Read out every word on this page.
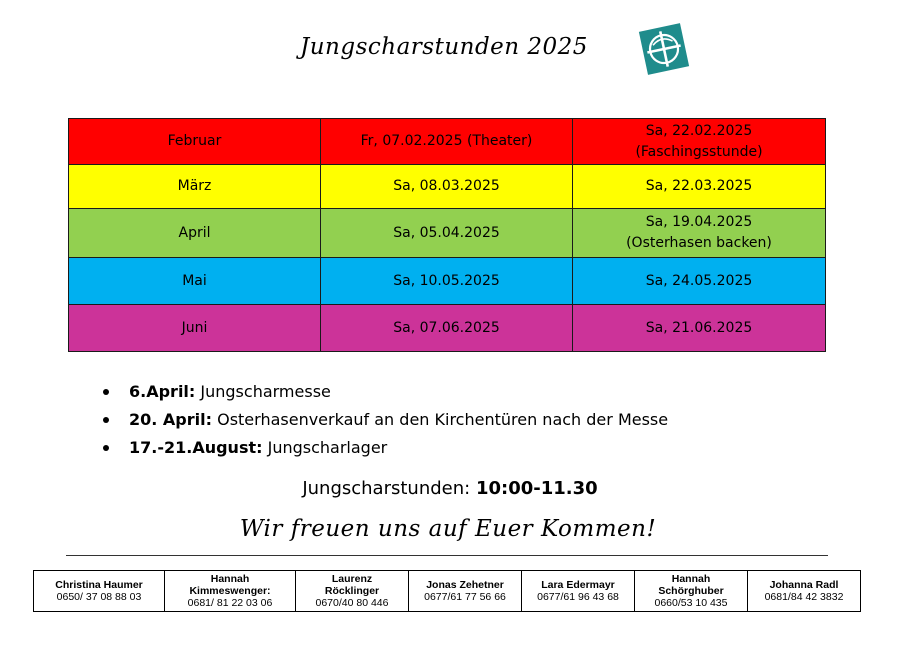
Jungscharstunden 2025
Februar	Fr, 07.02.2025 (Theater)	Sa, 22.02.2025
(Faschingsstunde)

März	Sa, 08.03.2025	Sa, 22.03.2025

April	Sa, 05.04.2025	Sa, 19.04.2025
(Osterhasen backen)

Mai	Sa, 10.05.2025	Sa, 24.05.2025

Juni	Sa, 07.06.2025	Sa, 21.06.2025
6.April: Jungscharmesse
20. April: Osterhasenverkauf an den Kirchentüren nach der Messe
17.-21.August: Jungscharlager
Jungscharstunden: 10:00-11.30
Wir freuen uns auf Euer Kommen!
Christina Haumer
0650/ 37 08 88 03

Hannah
Kimmeswenger:
0681/ 81 22 03 06

Laurenz
Röcklinger
0670/40 80 446

Jonas Zehetner
0677/61 77 56 66

Lara Edermayr
0677/61 96 43 68

Hannah
Schörghuber
0660/53 10 435

Johanna Radl
0681/84 42 3832
